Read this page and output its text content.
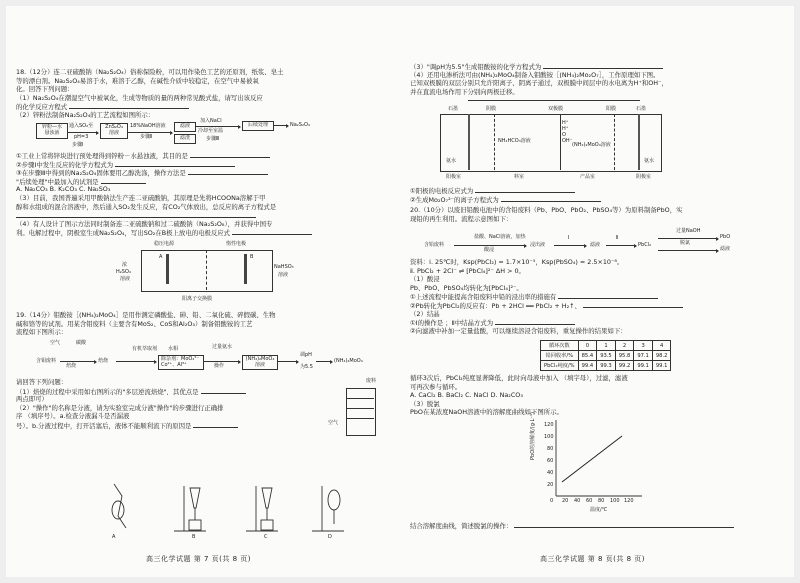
18.（12分）连二亚硫酸钠（Na₂S₂O₄）俗称保险粉，可以用作染色工艺的还原剂，纸浆、皂土
等的漂白剂。Na₂S₂O₄易溶于水，难溶于乙醇，在碱性介质中较稳定，在空气中易被氧
化。回答下列问题：
（1）Na₂S₂O₄在潮湿空气中被氧化，生成等物质的量的两种常见酸式盐，请写出该反应
的化学反应方程式
（2）锌粉法制备Na₂S₂O₄的工艺流程如图所示：
锌粉—水
悬浊液
通入SO₂至
pH=3
步骤Ⅰ
ZnS₂O₄
溶液
18%NaOH溶液
步骤Ⅱ
滤液
滤渣
加入NaCl
冷却至室温
步骤Ⅲ
后续处理	Na₂S₂O₄
①工业上常将锌块进行预处理得到锌粉－水悬浊液，其目的是
②步骤Ⅰ中发生反应的化学方程式为
③在步骤Ⅲ中得到的Na₂S₂O₄固体要用乙醇洗涤，操作方法是
"后续处理"中最加入的试剂是
A. Na₂CO₃ B. K₂CO₃ C. Na₂SO₃
（3）目前，我国普遍采用甲酸钠法生产连二亚硫酸钠，其原理是先将HCOONa溶解于甲
醇和水组成的混合溶液中，然后通入SO₂发生反应，有CO₂气体放出，总反应的离子方程式是
（4）有人设计了图示方法同时制备连二亚硫酸钠和过二硫酸钠（Na₂S₂O₈），并获得中国专
利。电解过程中，阴极室生成Na₂S₂O₄，写出SO₂在B极上放电的电极反应式
稳压电源	惰性电极
A	B
浓
H₂SO₄
溶液
NaHSO₃
溶液
阳离子交换膜
19.（14分）钼酸铵［(NH₄)₂MoO₄］是用作测定磷酸盐、砷、铅、二氧化硫、碎假碳、生物
碱和铬等的试剂。用某含钼废料（主要含有MoS₂、CoS和Al₂O₃）制备钼酸铵的工艺
流程如下图所示：
空气	碳酸
含钼废料
焙烧
焙烧
有机萃取剂 水相
除杂剂：MoO₄²⁻
Co²⁺、Al³⁺
过量氨水
操作
(NH₄)₂MoO₄
溶液
调pH
为5.5
(NH₄)₂MoO₄
请回答下列问题：
（1）焙烧的过程中采用如右图所示的"多层逆流焙烧"，其优点是
两点即可）
（2）"操作"的名称是分液，请为实验室完成分液"操作"的步骤进行正确排
序 （填序号）。a.检查分液漏斗是否漏液
号）。b.分液过程中，打开活塞后，液体不能顺利流下的原因是
废料
空气
A	B	C	D
高三化学试题 第 7 页(共 8 页)
（3）"调pH为5.5"生成钼酸铵的化学方程式为
（4）还用电渗析法可由(NH₄)₂MoO₄制备入钼酸铵［(NH₄)₂Mo₂O₇］，工作原理如下图。
已知双极膜的双层分别只允许阳离子、阴离子通过，双极膜中间层中的水电离为H⁺和OH⁻，
并在直流电场作用下分别向两极迁移。
石墨	石墨
阴膜	双极膜	阳膜
氨水
NH₄HCO₃溶液
H⁺
H⁺
O
OH⁻
(NH₄)₂MoO₄溶液
氨水
阳极室	料室	产品室	阴极室
①阳极的电极反应式为
②生成Mo₂O₇²⁻的离子方程式为
20.（10分）以废旧铅酸电池中的含铅废料（Pb、PbO、PbO₂、PbSO₄等）为原料制备PbO，实
现铅的再生利用。流程示意图如下：
含铅废料
盐酸、NaCl溶液，加热
酸浸
浸出液
Ⅰ
滤液
Ⅱ
PbCl₂
过量NaOH
脱氯
PbO
滤液
资料：ⅰ. 25℃时，Ksp(PbCl₂) = 1.7×10⁻⁵，Ksp(PbSO₄) = 2.5×10⁻⁸。
ⅱ. PbCl₂ + 2Cl⁻ ⇌ [PbCl₄]²⁻ ΔH > 0。
（1）酸浸
Pb、PbO、PbSO₄均转化为[PbCl₄]²⁻。
①上述流程中能提高含铅废料中铅的浸出率的措施有
②Pb转化为PbCl₂的反应有：Pb + 2HCl ══ PbCl₂ + H₂↑、
（2）结晶
①Ⅰ的操作是 ；Ⅱ中结晶方式为
②向滤液中补加一定量盐酸，可以继续溶浸含铅废料，重复操作的结果如下：
循环次数	0	1	2	3	4
铅回收率/%	85.4	93.5	95.8	97.1	98.2
PbCl₂纯度/%	99.4	99.3	99.2	99.1	99.1
循环3次后，PbCl₂纯度显著降低，此时向母液中加入 （填字母），过滤，滤液
可再次参与循环。
A. CaCl₂ B. BaCl₂ C. NaCl D. Na₂CO₃
（3）脱氯
PbO在某浓度NaOH溶液中的溶解度曲线如下图所示。
PbO的溶解度/(g·L⁻¹) 120
100
80
60
40
20
0 20 40 60 80 100 120
温度/℃
结合溶解度曲线，简述脱氯的操作：
高三化学试题 第 8 页(共 8 页)
